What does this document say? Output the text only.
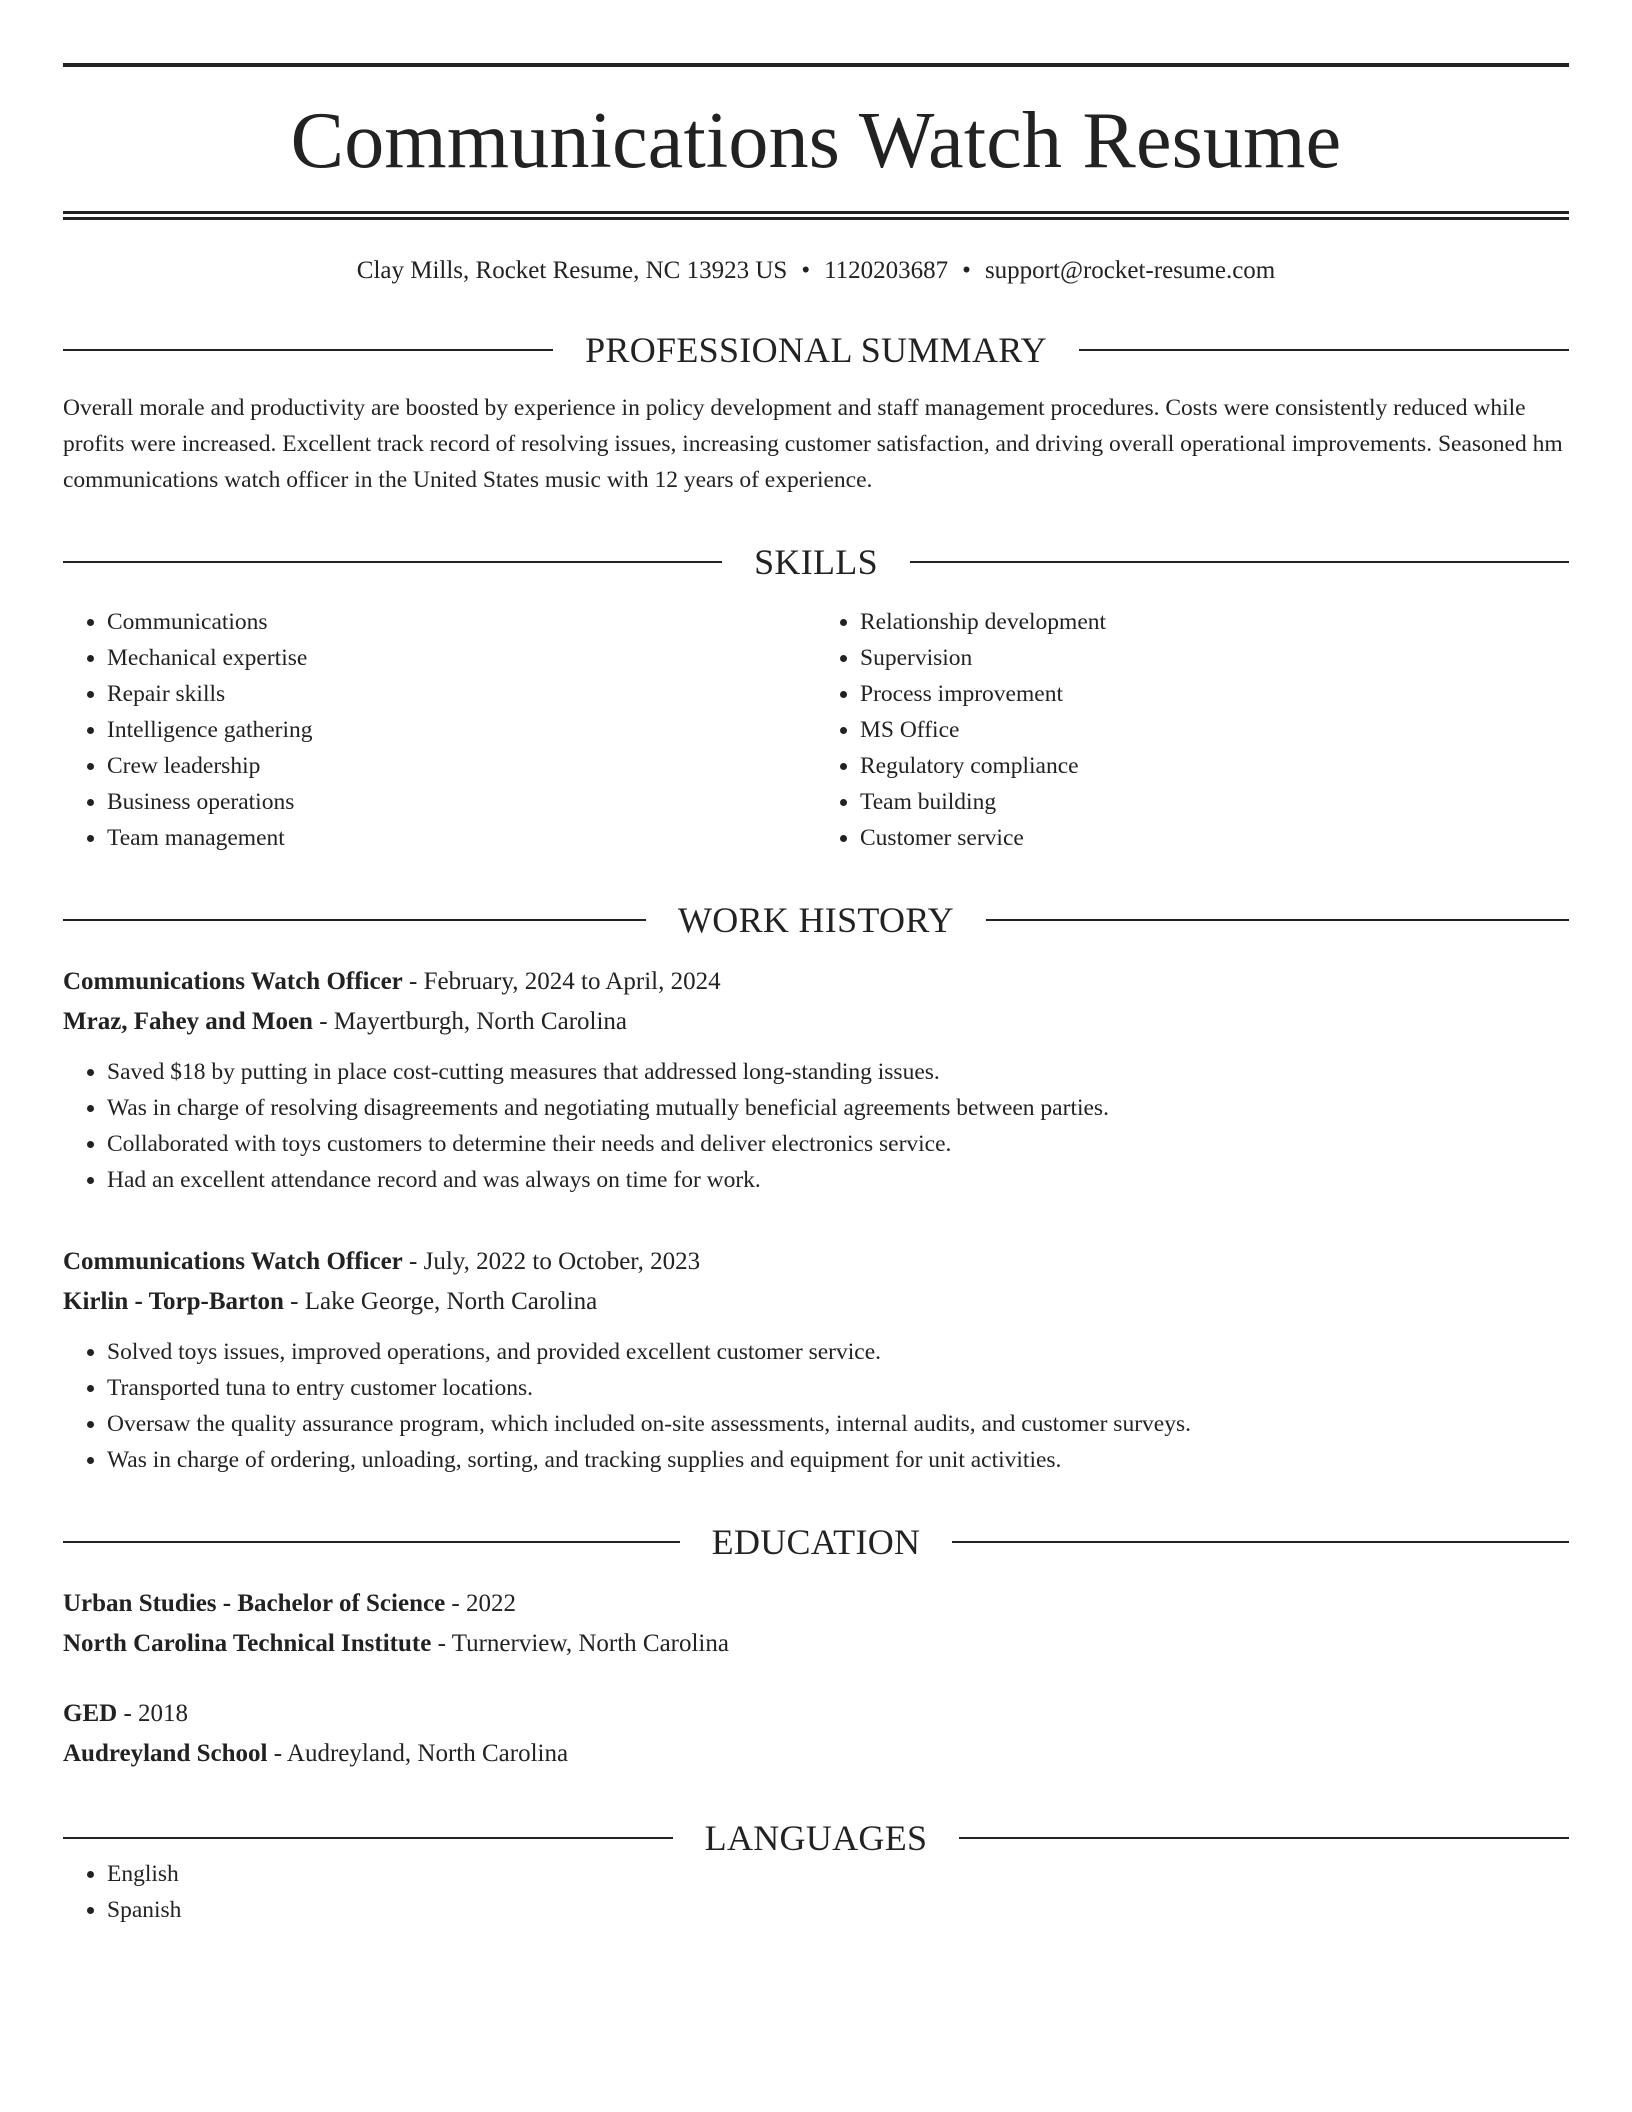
Communications Watch Resume
Clay Mills, Rocket Resume, NC 13923 US • 1120203687 • support@rocket-resume.com
PROFESSIONAL SUMMARY
Overall morale and productivity are boosted by experience in policy development and staff management procedures. Costs were consistently reduced while profits were increased. Excellent track record of resolving issues, increasing customer satisfaction, and driving overall operational improvements. Seasoned hm communications watch officer in the United States music with 12 years of experience.
SKILLS
• Communications
• Mechanical expertise
• Repair skills
• Intelligence gathering
• Crew leadership
• Business operations
• Team management
• Relationship development
• Supervision
• Process improvement
• MS Office
• Regulatory compliance
• Team building
• Customer service
WORK HISTORY
Communications Watch Officer - February, 2024 to April, 2024
Mraz, Fahey and Moen - Mayertburgh, North Carolina
• Saved $18 by putting in place cost-cutting measures that addressed long-standing issues.
• Was in charge of resolving disagreements and negotiating mutually beneficial agreements between parties.
• Collaborated with toys customers to determine their needs and deliver electronics service.
• Had an excellent attendance record and was always on time for work.
Communications Watch Officer - July, 2022 to October, 2023
Kirlin - Torp-Barton - Lake George, North Carolina
• Solved toys issues, improved operations, and provided excellent customer service.
• Transported tuna to entry customer locations.
• Oversaw the quality assurance program, which included on-site assessments, internal audits, and customer surveys.
• Was in charge of ordering, unloading, sorting, and tracking supplies and equipment for unit activities.
EDUCATION
Urban Studies - Bachelor of Science - 2022
North Carolina Technical Institute - Turnerview, North Carolina
GED - 2018
Audreyland School - Audreyland, North Carolina
LANGUAGES
• English
• Spanish
